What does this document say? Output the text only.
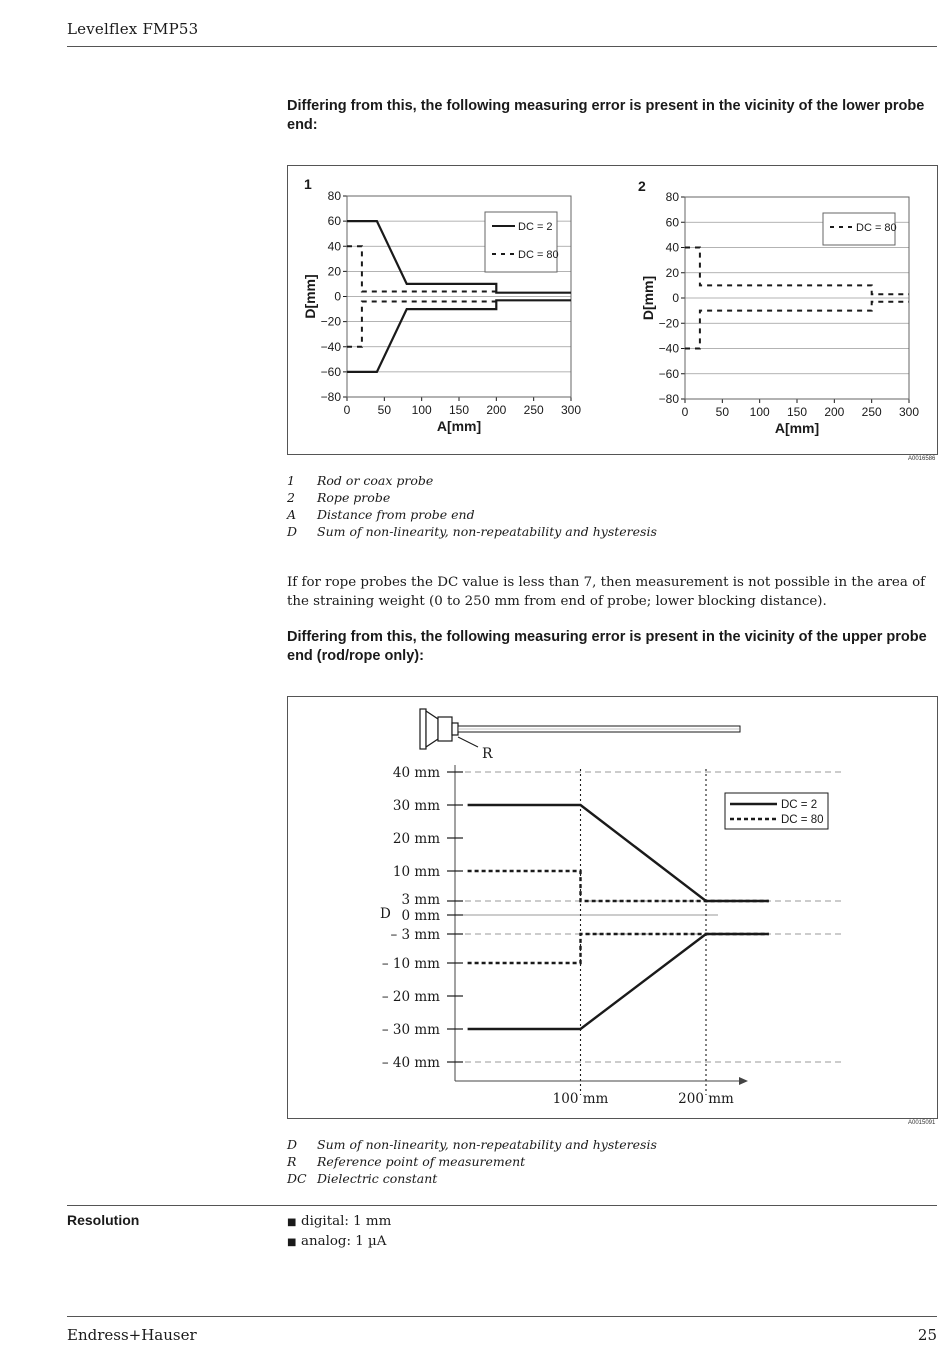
Levelflex FMP53
Differing from this, the following measuring error is present in the vicinity of the lower probe end:
1
80
60
40
20
0
−20
−40
−60
−80
0 50 100 150 200 250 300
A[mm]
D[mm]
DC = 2
DC = 80
2
80
60
40
20
0
−20
−40
−60
−80
0 50 100 150 200 250 300
A[mm]
D[mm]
DC = 80
A0016586
1	Rod or coax probe
2	Rope probe
A	Distance from probe end
D	Sum of non-linearity, non-repeatability and hysteresis
If for rope probes the DC value is less than 7, then measurement is not possible in the area of the straining weight (0 to 250 mm from end of probe; lower blocking distance).
Differing from this, the following measuring error is present in the vicinity of the upper probe end (rod/rope only):
R
40 mm
30 mm
20 mm
10 mm
3 mm
0 mm
– 3 mm
– 10 mm
– 20 mm
– 30 mm
– 40 mm
D
100 mm	200 mm
DC = 2
DC = 80
A0015091
D	Sum of non-linearity, non-repeatability and hysteresis
R	Reference point of measurement
DC Dielectric constant
Resolution	■ digital: 1 mm
■ analog: 1 µA
Endress+Hauser	25
